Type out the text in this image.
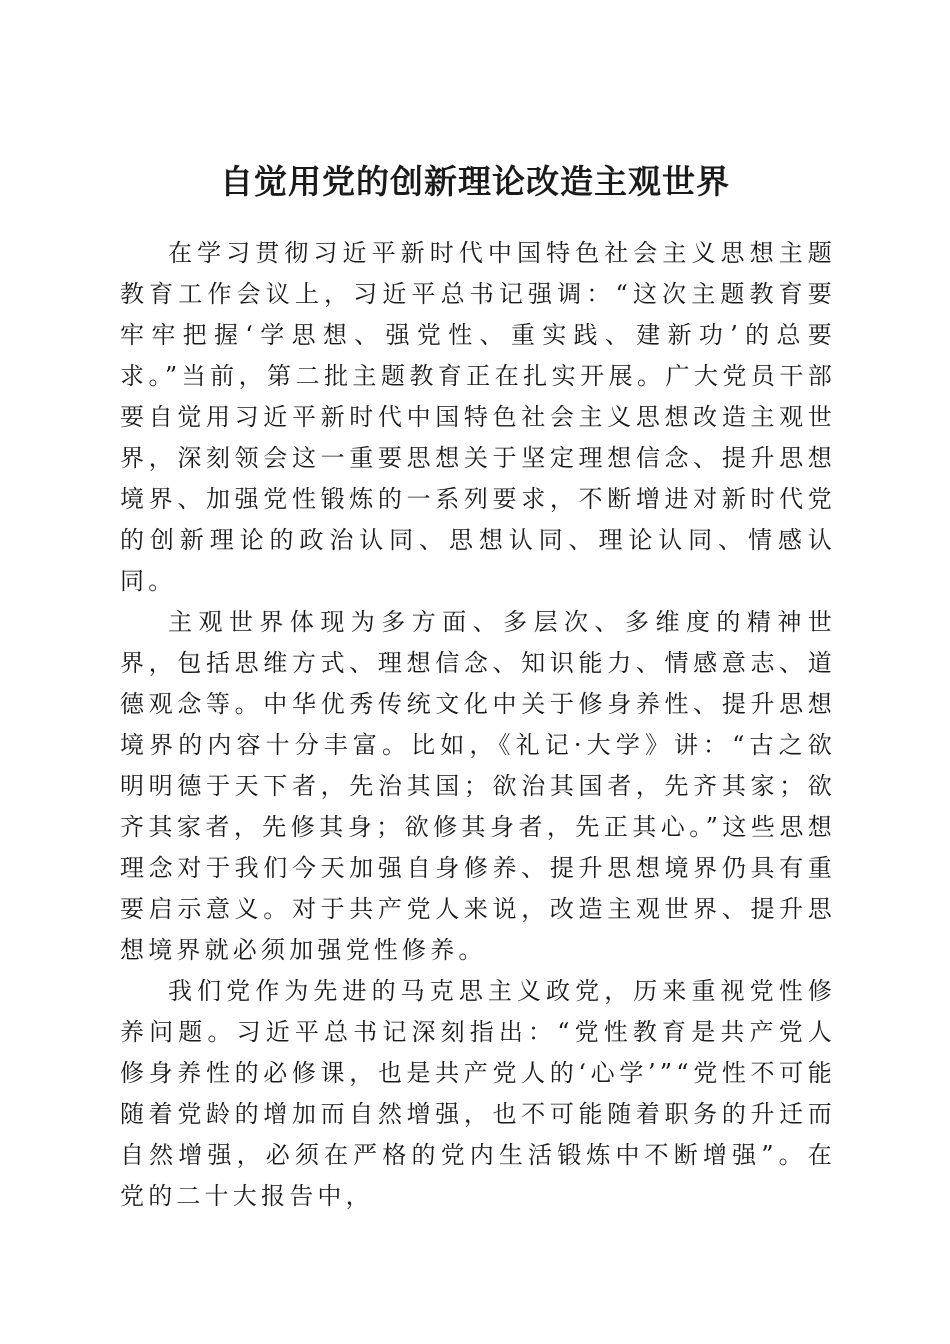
自觉用党的创新理论改造主观世界

在学习贯彻习近平新时代中国特色社会主义思想主题教育工作会议上，习近平总书记强调：“这次主题教育要牢牢把握‘学思想、强党性、重实践、建新功’的总要求。”当前，第二批主题教育正在扎实开展。广大党员干部要自觉用习近平新时代中国特色社会主义思想改造主观世界，深刻领会这一重要思想关于坚定理想信念、提升思想境界、加强党性锻炼的一系列要求，不断增进对新时代党的创新理论的政治认同、思想认同、理论认同、情感认同。

主观世界体现为多方面、多层次、多维度的精神世界，包括思维方式、理想信念、知识能力、情感意志、道德观念等。中华优秀传统文化中关于修身养性、提升思想境界的内容十分丰富。比如，《礼记·大学》讲：“古之欲明明德于天下者，先治其国；欲治其国者，先齐其家；欲齐其家者，先修其身；欲修其身者，先正其心。”这些思想理念对于我们今天加强自身修养、提升思想境界仍具有重要启示意义。对于共产党人来说，改造主观世界、提升思想境界就必须加强党性修养。

我们党作为先进的马克思主义政党，历来重视党性修养问题。习近平总书记深刻指出：“党性教育是共产党人修身养性的必修课，也是共产党人的‘心学’”“党性不可能随着党龄的增加而自然增强，也不可能随着职务的升迁而自然增强，必须在严格的党内生活锻炼中不断增强”。在党的二十大报告中，
